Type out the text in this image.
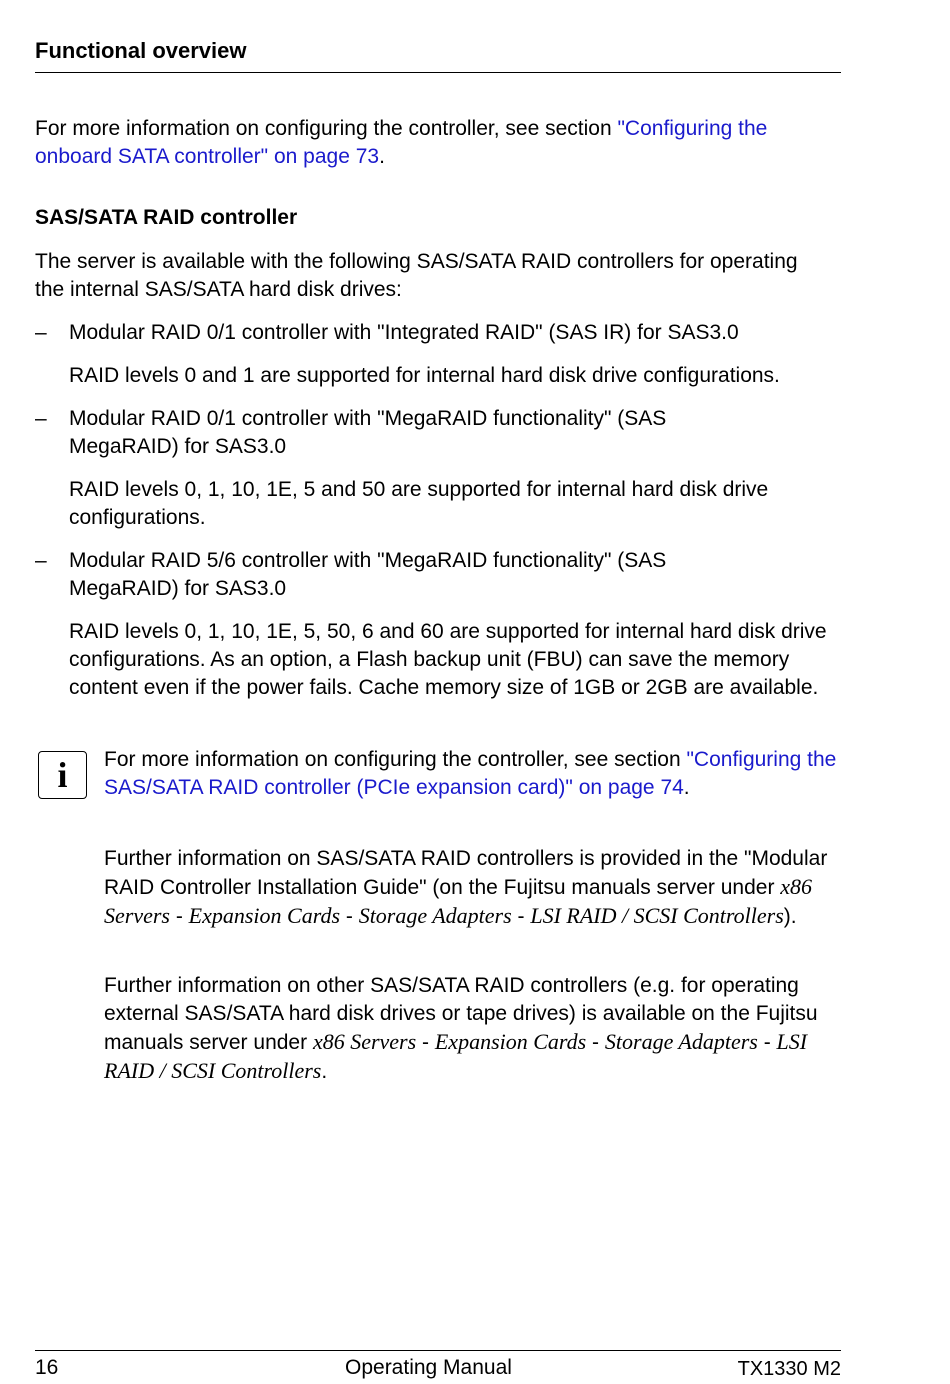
Functional overview

For more information on configuring the controller, see section "Configuring the onboard SATA controller" on page 73.

SAS/SATA RAID controller

The server is available with the following SAS/SATA RAID controllers for operating the internal SAS/SATA hard disk drives:

– Modular RAID 0/1 controller with "Integrated RAID" (SAS IR) for SAS3.0

RAID levels 0 and 1 are supported for internal hard disk drive configurations.

– Modular RAID 0/1 controller with "MegaRAID functionality" (SAS MegaRAID) for SAS3.0

RAID levels 0, 1, 10, 1E, 5 and 50 are supported for internal hard disk drive configurations.

– Modular RAID 5/6 controller with "MegaRAID functionality" (SAS MegaRAID) for SAS3.0

RAID levels 0, 1, 10, 1E, 5, 50, 6 and 60 are supported for internal hard disk drive configurations. As an option, a Flash backup unit (FBU) can save the memory content even if the power fails. Cache memory size of 1GB or 2GB are available.

i For more information on configuring the controller, see section "Configuring the SAS/SATA RAID controller (PCIe expansion card)" on page 74.

Further information on SAS/SATA RAID controllers is provided in the "Modular RAID Controller Installation Guide" (on the Fujitsu manuals server under x86 Servers - Expansion Cards - Storage Adapters - LSI RAID / SCSI Controllers).

Further information on other SAS/SATA RAID controllers (e.g. for operating external SAS/SATA hard disk drives or tape drives) is available on the Fujitsu manuals server under x86 Servers - Expansion Cards - Storage Adapters - LSI RAID / SCSI Controllers.

16	Operating Manual	TX1330 M2
